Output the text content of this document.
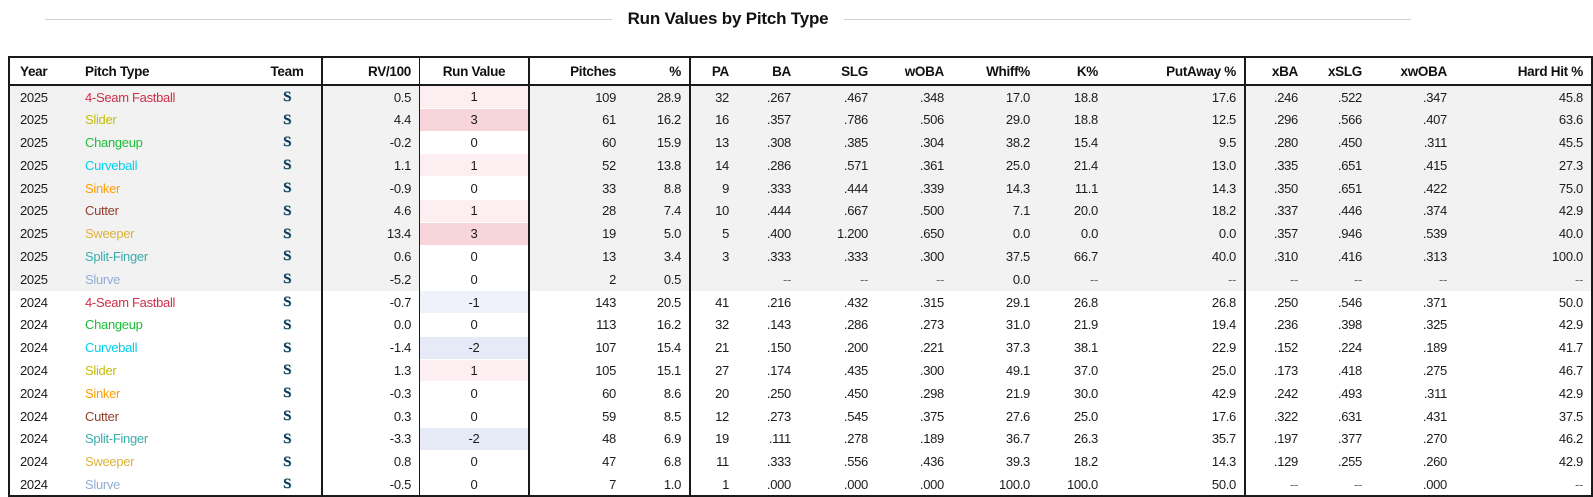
Run Values by Pitch Type
Year	Pitch Type	Team	RV/100	Run Value	Pitches	%	PA	BA	SLG	wOBA	Whiff%	K%	PutAway %	xBA	xSLG	xwOBA	Hard Hit %
2025	4-Seam Fastball	S	0.5	1	109	28.9	32	.267	.467	.348	17.0	18.8	17.6	.246	.522	.347	45.8
2025	Slider	S	4.4	3	61	16.2	16	.357	.786	.506	29.0	18.8	12.5	.296	.566	.407	63.6
2025	Changeup	S	-0.2	0	60	15.9	13	.308	.385	.304	38.2	15.4	9.5	.280	.450	.311	45.5
2025	Curveball	S	1.1	1	52	13.8	14	.286	.571	.361	25.0	21.4	13.0	.335	.651	.415	27.3
2025	Sinker	S	-0.9	0	33	8.8	9	.333	.444	.339	14.3	11.1	14.3	.350	.651	.422	75.0
2025	Cutter	S	4.6	1	28	7.4	10	.444	.667	.500	7.1	20.0	18.2	.337	.446	.374	42.9
2025	Sweeper	S	13.4	3	19	5.0	5	.400	1.200	.650	0.0	0.0	0.0	.357	.946	.539	40.0
2025	Split-Finger	S	0.6	0	13	3.4	3	.333	.333	.300	37.5	66.7	40.0	.310	.416	.313	100.0
2025	Slurve	S	-5.2	0	2	0.5		--	--	--	0.0	--	--	--	--	--	--
2024	4-Seam Fastball	S	-0.7	-1	143	20.5	41	.216	.432	.315	29.1	26.8	26.8	.250	.546	.371	50.0
2024	Changeup	S	0.0	0	113	16.2	32	.143	.286	.273	31.0	21.9	19.4	.236	.398	.325	42.9
2024	Curveball	S	-1.4	-2	107	15.4	21	.150	.200	.221	37.3	38.1	22.9	.152	.224	.189	41.7
2024	Slider	S	1.3	1	105	15.1	27	.174	.435	.300	49.1	37.0	25.0	.173	.418	.275	46.7
2024	Sinker	S	-0.3	0	60	8.6	20	.250	.450	.298	21.9	30.0	42.9	.242	.493	.311	42.9
2024	Cutter	S	0.3	0	59	8.5	12	.273	.545	.375	27.6	25.0	17.6	.322	.631	.431	37.5
2024	Split-Finger	S	-3.3	-2	48	6.9	19	.111	.278	.189	36.7	26.3	35.7	.197	.377	.270	46.2
2024	Sweeper	S	0.8	0	47	6.8	11	.333	.556	.436	39.3	18.2	14.3	.129	.255	.260	42.9
2024	Slurve	S	-0.5	0	7	1.0	1	.000	.000	.000	100.0	100.0	50.0	--	--	.000	--
